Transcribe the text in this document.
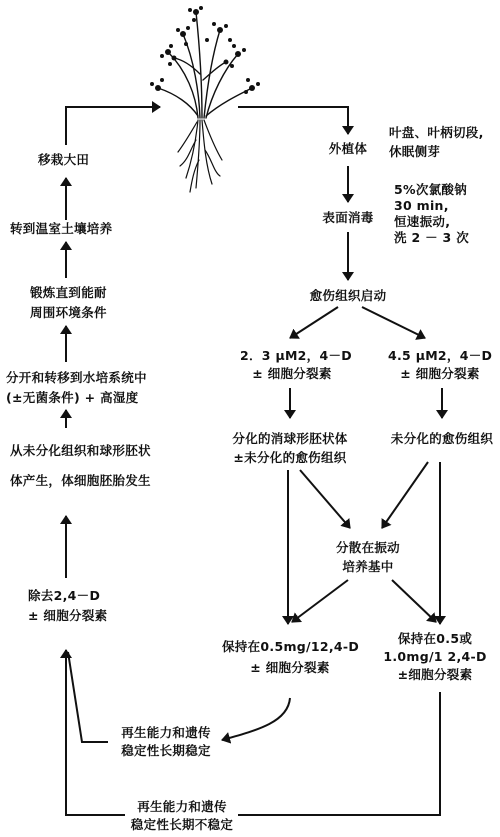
叶盘、叶柄切段,
休眠侧芽
5%次氯酸钠
30 min,
恒速振动,
洗 2 － 3 次
外植体
表面消毒
愈伤组织启动
2．3 μM2，4－D
± 细胞分裂素
4.5 μM2，4－D
± 细胞分裂素
分化的消球形胚状体
±未分化的愈伤组织
未分化的愈伤组织
分散在振动
培养基中
保持在0.5mg/12,4-D
± 细胞分裂素
保持在0.5或
1.0mg/1 2,4-D
±细胞分裂素
再生能力和遗传
稳定性长期稳定
再生能力和遗传
稳定性长期不稳定
除去2,4－D
± 细胞分裂素
从未分化组织和球形胚状
体产生，体细胞胚胎发生
分开和转移到水培系统中
(±无菌条件) + 高湿度
锻炼直到能耐
周围环境条件
转到温室土壤培养
移栽大田
